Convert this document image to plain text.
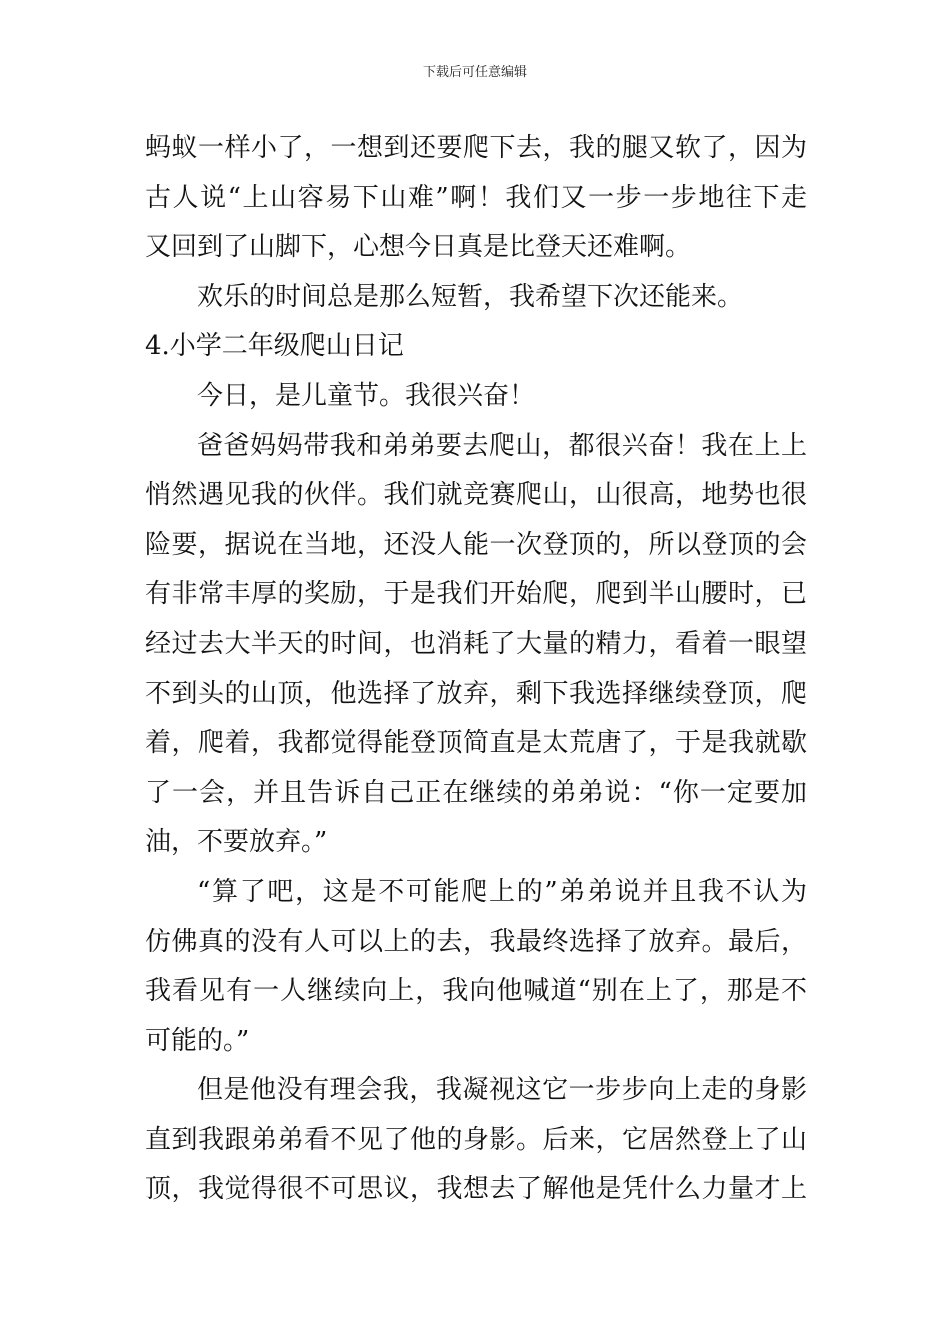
下载后可任意编辑
蚂蚁一样小了，一想到还要爬下去，我的腿又软了，因为
古人说“上山容易下山难”啊！我们又一步一步地往下走
又回到了山脚下，心想今日真是比登天还难啊。
欢乐的时间总是那么短暂，我希望下次还能来。
4.小学二年级爬山日记
今日，是儿童节。我很兴奋！
爸爸妈妈带我和弟弟要去爬山，都很兴奋！我在上上
悄然遇见我的伙伴。我们就竞赛爬山，山很高，地势也很
险要，据说在当地，还没人能一次登顶的，所以登顶的会
有非常丰厚的奖励，于是我们开始爬，爬到半山腰时，已
经过去大半天的时间，也消耗了大量的精力，看着一眼望
不到头的山顶，他选择了放弃，剩下我选择继续登顶，爬
着，爬着，我都觉得能登顶简直是太荒唐了，于是我就歇
了一会，并且告诉自己正在继续的弟弟说：“你一定要加
油，不要放弃。”
“算了吧，这是不可能爬上的”弟弟说并且我不认为
仿佛真的没有人可以上的去，我最终选择了放弃。最后，
我看见有一人继续向上，我向他喊道“别在上了，那是不
可能的。”
但是他没有理会我，我凝视这它一步步向上走的身影
直到我跟弟弟看不见了他的身影。后来，它居然登上了山
顶，我觉得很不可思议，我想去了解他是凭什么力量才上
